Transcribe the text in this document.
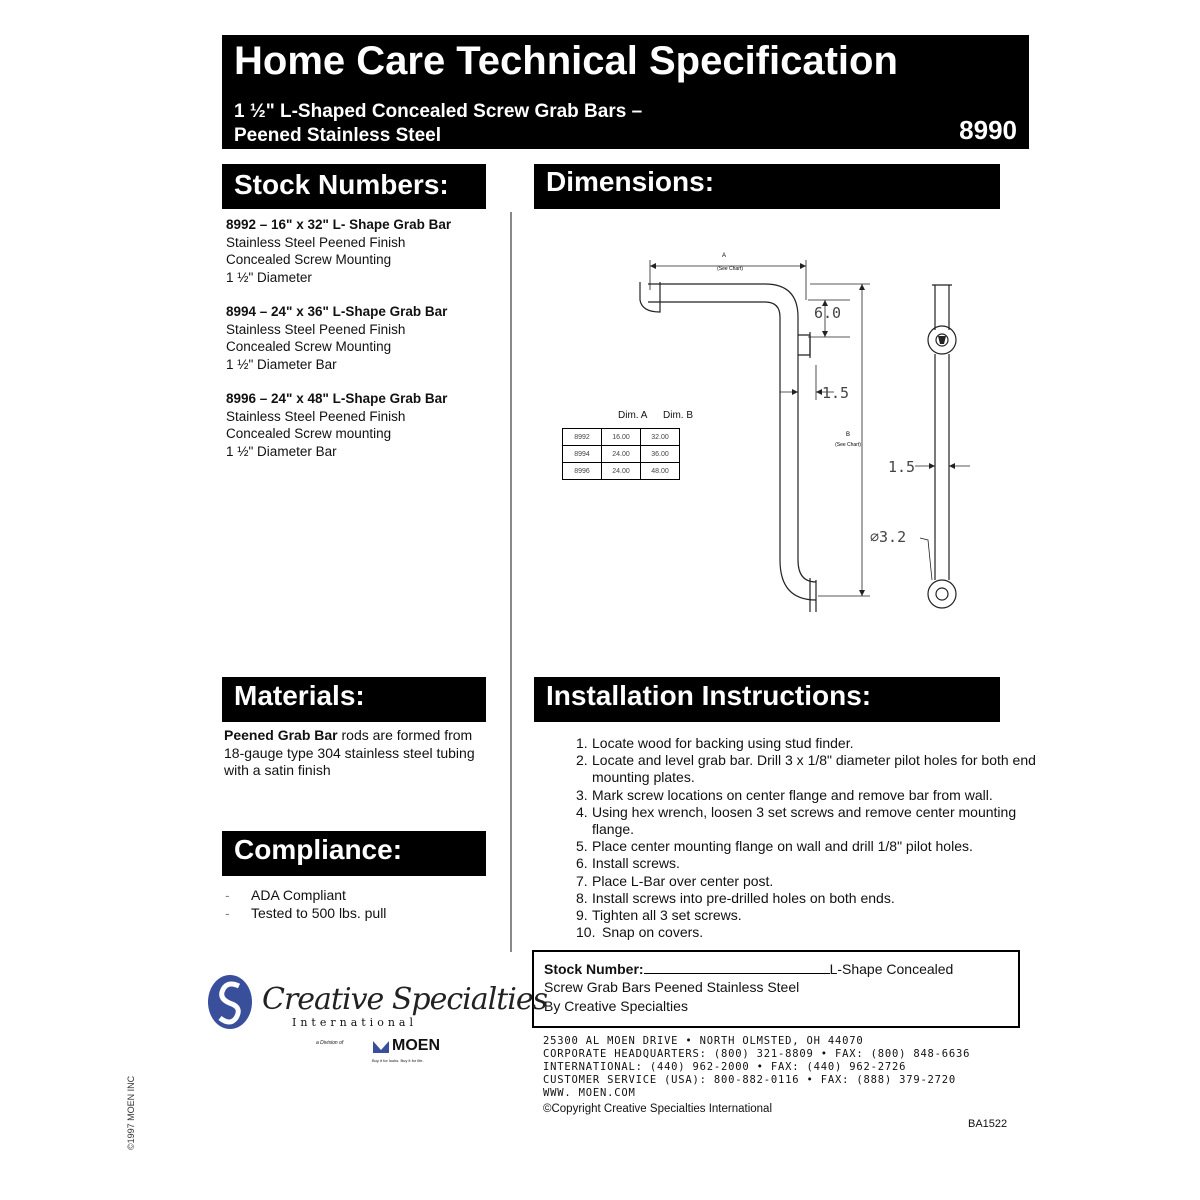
Home Care Technical Specification
1 ½" L-Shaped Concealed Screw Grab Bars –
Peened Stainless Steel	8990
Stock Numbers:
8992 – 16" x 32" L- Shape Grab Bar
Stainless Steel Peened Finish
Concealed Screw Mounting
1 ½" Diameter
8994 – 24" x 36" L-Shape Grab Bar
Stainless Steel Peened Finish
Concealed Screw Mounting
1 ½" Diameter Bar
8996 – 24" x 48" L-Shape Grab Bar
Stainless Steel Peened Finish
Concealed Screw mounting
1 ½" Diameter Bar
Dimensions:
Dim. A Dim. B
8992	16.00	32.00
8994	24.00	36.00
8996	24.00	48.00
A
(See Chart)
6.0
1.5
B
(See Chart)
1.5
⌀3.2
Materials:
Peened Grab Bar rods are formed from 18-gauge type 304 stainless steel tubing with a satin finish
Compliance:
- ADA Compliant
- Tested to 500 lbs. pull
Installation Instructions:
1. Locate wood for backing using stud finder.
2. Locate and level grab bar. Drill 3 x 1/8" diameter pilot holes for both end mounting plates.
3. Mark screw locations on center flange and remove bar from wall.
4. Using hex wrench, loosen 3 set screws and remove center mounting flange.
5. Place center mounting flange on wall and drill 1/8" pilot holes.
6. Install screws.
7. Place L-Bar over center post.
8. Install screws into pre-drilled holes on both ends.
9. Tighten all 3 set screws.
10. Snap on covers.
Stock Number:	L-Shape Concealed
Screw Grab Bars Peened Stainless Steel
By Creative Specialties
25300 AL MOEN DRIVE • NORTH OLMSTED, OH 44070
CORPORATE HEADQUARTERS: (800) 321-8809 • FAX: (800) 848-6636
INTERNATIONAL: (440) 962-2000 • FAX: (440) 962-2726
CUSTOMER SERVICE (USA): 800-882-0116 • FAX: (888) 379-2720
WWW. MOEN.COM
©Copyright Creative Specialties International
BA1522
Creative Specialties
International
a Division of	MOEN
Buy it for looks. Buy it for life.
©1997 MOEN INC
